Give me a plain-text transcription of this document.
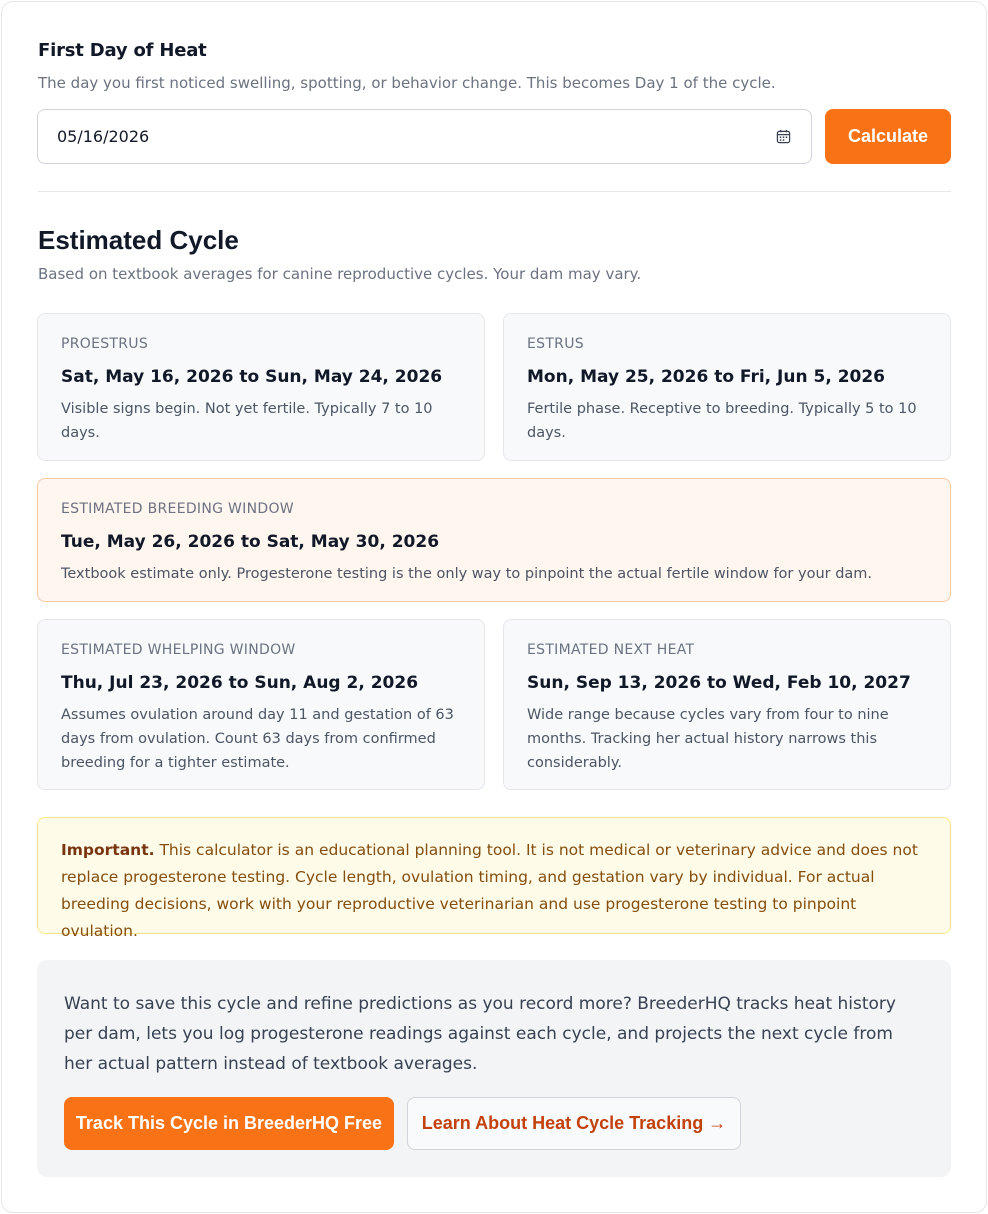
First Day of Heat
The day you first noticed swelling, spotting, or behavior change. This becomes Day 1 of the cycle.
05/16/2026	Calculate
Estimated Cycle
Based on textbook averages for canine reproductive cycles. Your dam may vary.
PROESTRUS
Sat, May 16, 2026 to Sun, May 24, 2026
Visible signs begin. Not yet fertile. Typically 7 to 10 days.
ESTRUS
Mon, May 25, 2026 to Fri, Jun 5, 2026
Fertile phase. Receptive to breeding. Typically 5 to 10 days.
ESTIMATED BREEDING WINDOW
Tue, May 26, 2026 to Sat, May 30, 2026
Textbook estimate only. Progesterone testing is the only way to pinpoint the actual fertile window for your dam.
ESTIMATED WHELPING WINDOW
Thu, Jul 23, 2026 to Sun, Aug 2, 2026
Assumes ovulation around day 11 and gestation of 63 days from ovulation. Count 63 days from confirmed breeding for a tighter estimate.
ESTIMATED NEXT HEAT
Sun, Sep 13, 2026 to Wed, Feb 10, 2027
Wide range because cycles vary from four to nine months. Tracking her actual history narrows this considerably.
Important. This calculator is an educational planning tool. It is not medical or veterinary advice and does not replace progesterone testing. Cycle length, ovulation timing, and gestation vary by individual. For actual breeding decisions, work with your reproductive veterinarian and use progesterone testing to pinpoint ovulation.
Want to save this cycle and refine predictions as you record more? BreederHQ tracks heat history per dam, lets you log progesterone readings against each cycle, and projects the next cycle from her actual pattern instead of textbook averages.
Track This Cycle in BreederHQ Free	Learn About Heat Cycle Tracking →
